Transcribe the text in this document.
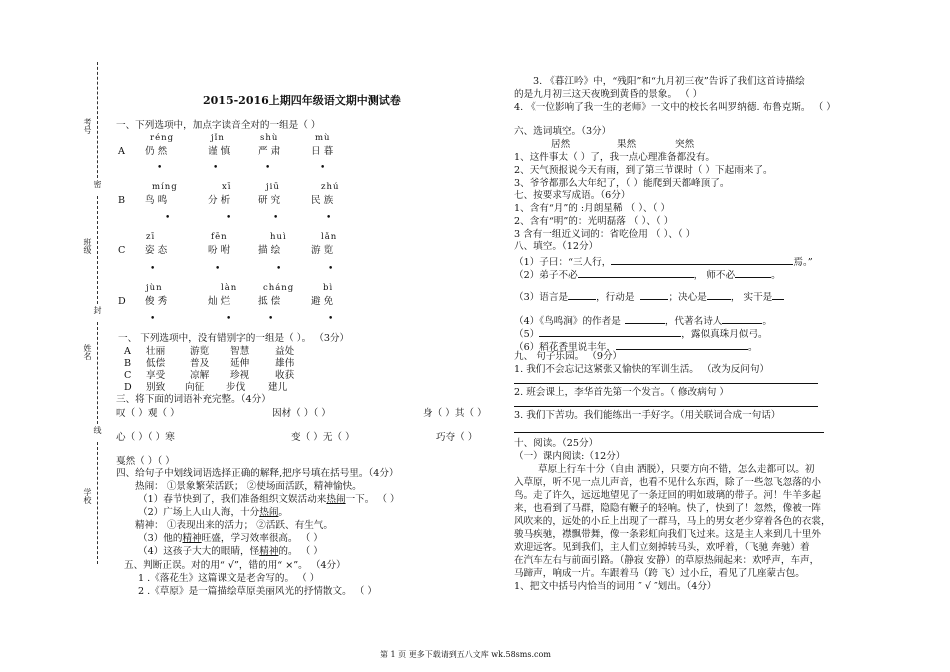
考号
密
班级
封
姓名
线
学校
2015-2016上期四年级语文期中测试卷
一、下列选项中，加点字读音全对的一组是（ ）
réng	jǐn	shù	mù
A 仍 然	谨 慎	严 肃	日 暮
•	•	•	•
míng	xī	jiū	zhú
B 鸟 鸣	分 析	研 究	民 族
•	•	•	•
zī	fēn	huì	lǎn
C 姿 态	吩 咐	描 绘	游 览
•	•	•	•
jùn	làn	cháng	bì
D 俊 秀	灿 烂	抵 偿	避 免
•	•	•	•
一、 下列选项中，没有错别字的一组是（ ）。 （3分）
A 壮丽	游览 智慧	益处
B 低偿	普及 延伸	雄伟
C 享受	凉解 珍视	收获
D 别致 向征 步伐 建儿
三、将下面的词语补充完整。（4分）
叹（ ）观（ ）	因材（ ）（ ）	身（ ）其（ ）
心（ ）（ ）寒	变（ ）无（ ）	巧夺（ ）
戛然（ ）（ ）
四、给句子中划线词语选择正确的解释,把序号填在括号里。（4分）
热闹： ①景象繁荣活跃； ②使场面活跃，精神愉快。
（1）春节快到了，我们准备组织文娱活动来热闹一下。 （ ）
（2）广场上人山人海，十分热闹。
精神： ①表现出来的活力； ②活跃、有生气。
（3）他的精神旺盛，学习效率很高。 （ ）
（4）这孩子大大的眼睛，怪精神的。 （ ）
五、判断正误。对的用“ √”，错的用“ ×”。 （4分）
1 .《落花生》这篇课文是老舍写的。 （ ）
2 .《草原》是一篇描绘草原美丽风光的抒情散文。 （ ）
3. 《暮江吟》中，“残阳”和“九月初三夜”告诉了我们这首诗描绘
的是九月初三这天夜晚到黄昏的景象。 （ ）
4. 《一位影响了我一生的老师》一文中的校长名叫罗纳德. 布鲁克斯。 （ ）
六、选词填空。（3分）
居然	果然	突然
1、这件事太（ ）了，我一点心理准备都没有。
2、天气预报说今天有雨，到了第三节课时（ ）下起雨来了。
3、爷爷都那么大年纪了，（ ）能爬到天都峰顶了。
七、按要求写成语。（6分）
1、含有“月”的 :月朗星稀 （ ）、（ ）
2、含有“明”的：光明磊落 （ ）、（ ）
3 含有一组近义词的：省吃俭用 （ ）、（ ）
八、填空。（12分）
（1）子曰：“三人行，	焉。”
（2）弟子不必	， 师不必	。
（3）语言是	，行动是	；决心是	， 实干是
（4）《鸟鸣涧》的作者是	，代著名诗人	。
（5）	，露似真珠月似弓。
（6）稻花香里说丰年，	。
九、 句子乐园。 （9分）
1. 我们不会忘记这紧张又愉快的军训生活。 （改为反问句）
2. 班会课上，李华首先第一个发言。（ 修改病句 ）
3. 我们下苦功。我们能练出一手好字。（用关联词合成一句话）
十、阅读。（25分）
（一）课内阅读:（12分）
草原上行车十分（自由 洒脱），只要方向不错，怎么走都可以。初
入草原，听不见一点儿声音，也看不见什么东西，除了一些忽飞忽落的小
鸟。走了许久，远远地望见了一条迂回的明如玻璃的带子。河！牛羊多起
来，也看到了马群，隐隐有鞭子的轻响。快了，快到了！忽然，像被一阵
风吹来的，远处的小丘上出现了一群马，马上的男女老少穿着各色的衣裳，
骏马疾驰，襟飘带舞，像一条彩虹向我们飞过来。这是主人来到几十里外
欢迎远客。见到我们，主人们立刻掉转马头，欢呼着，（飞驰 奔驰）着
在汽车左右与前面引路。（静寂 安静）的草原热闹起来：欢呼声，车声，
马蹄声，响成一片。车跟着马（跨 飞）过小丘，看见了几座蒙古包。
1、把文中括号内恰当的词用 ″ √ ″划出。（4分）
第 1 页 更多下载请到五八文库 wk.58sms.com
